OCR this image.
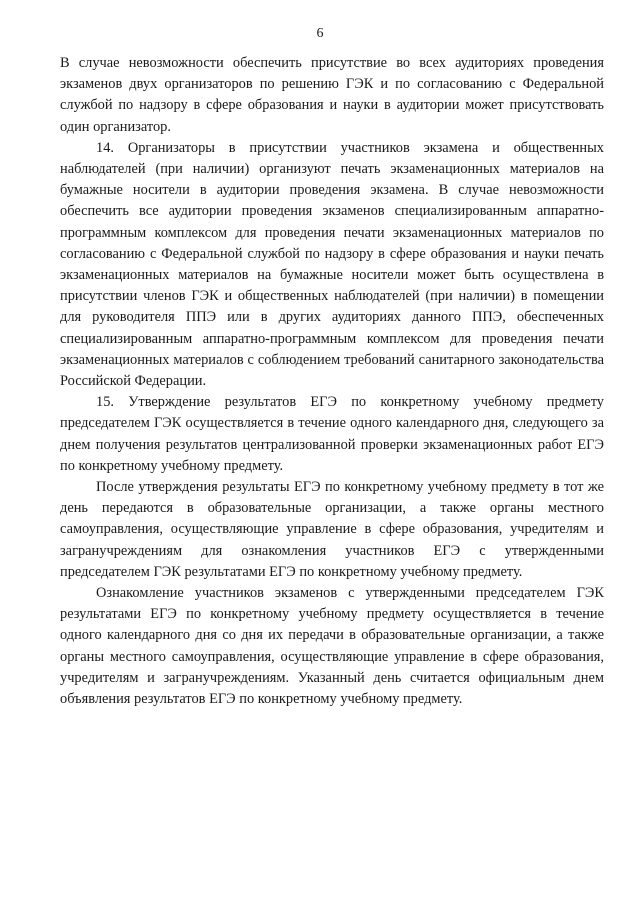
6

В случае невозможности обеспечить присутствие во всех аудиториях проведения экзаменов двух организаторов по решению ГЭК и по согласованию с Федеральной службой по надзору в сфере образования и науки в аудитории может присутствовать один организатор.

14. Организаторы в присутствии участников экзамена и общественных наблюдателей (при наличии) организуют печать экзаменационных материалов на бумажные носители в аудитории проведения экзамена. В случае невозможности обеспечить все аудитории проведения экзаменов специализированным аппаратно-программным комплексом для проведения печати экзаменационных материалов по согласованию с Федеральной службой по надзору в сфере образования и науки печать экзаменационных материалов на бумажные носители может быть осуществлена в присутствии членов ГЭК и общественных наблюдателей (при наличии) в помещении для руководителя ППЭ или в других аудиториях данного ППЭ, обеспеченных специализированным аппаратно-программным комплексом для проведения печати экзаменационных материалов с соблюдением требований санитарного законодательства Российской Федерации.

15. Утверждение результатов ЕГЭ по конкретному учебному предмету председателем ГЭК осуществляется в течение одного календарного дня, следующего за днем получения результатов централизованной проверки экзаменационных работ ЕГЭ по конкретному учебному предмету.

После утверждения результаты ЕГЭ по конкретному учебному предмету в тот же день передаются в образовательные организации, а также органы местного самоуправления, осуществляющие управление в сфере образования, учредителям и загранучреждениям для ознакомления участников ЕГЭ с утвержденными председателем ГЭК результатами ЕГЭ по конкретному учебному предмету.

Ознакомление участников экзаменов с утвержденными председателем ГЭК результатами ЕГЭ по конкретному учебному предмету осуществляется в течение одного календарного дня со дня их передачи в образовательные организации, а также органы местного самоуправления, осуществляющие управление в сфере образования, учредителям и загранучреждениям. Указанный день считается официальным днем объявления результатов ЕГЭ по конкретному учебному предмету.
